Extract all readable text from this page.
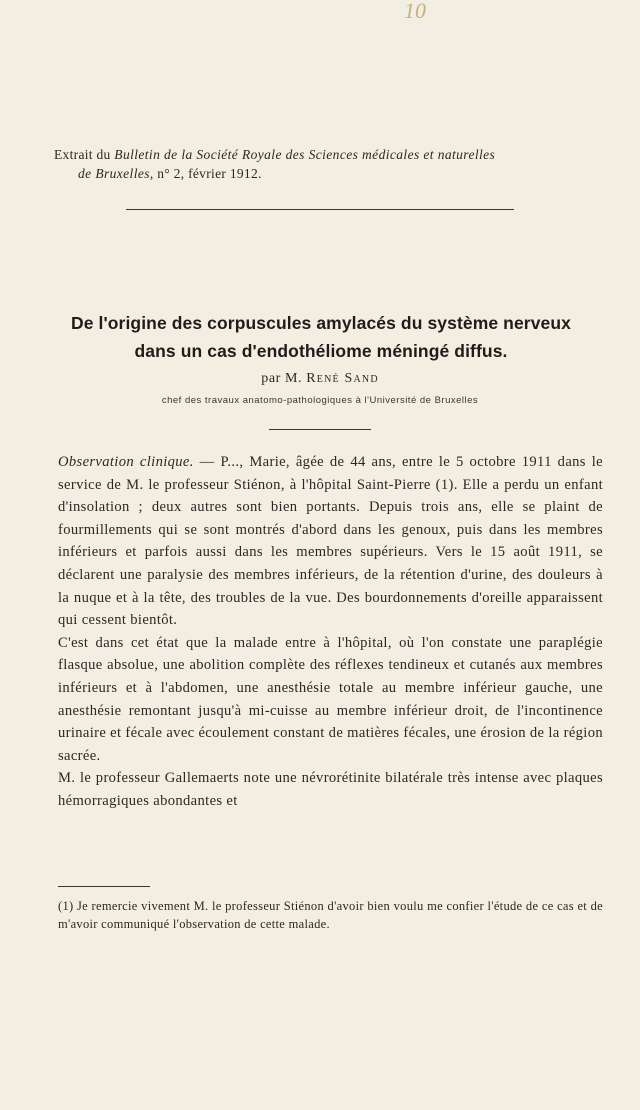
10
Extrait du Bulletin de la Société Royale des Sciences médicales et naturelles
de Bruxelles, n° 2, février 1912.
De l'origine des corpuscules amylacés du système nerveux
dans un cas d'endothéliome méningé diffus.
par M. René Sand
chef des travaux anatomo-pathologiques à l'Université de Bruxelles

Observation clinique. — P..., Marie, âgée de 44 ans, entre le 5 octobre 1911 dans le service de M. le professeur Stiénon, à l'hôpital Saint-Pierre (1). Elle a perdu un enfant d'insolation ; deux autres sont bien portants. Depuis trois ans, elle se plaint de fourmillements qui se sont montrés d'abord dans les genoux, puis dans les membres inférieurs et parfois aussi dans les membres supérieurs. Vers le 15 août 1911, se déclarent une paralysie des membres inférieurs, de la rétention d'urine, des douleurs à la nuque et à la tête, des troubles de la vue. Des bourdonnements d'oreille apparaissent qui cessent bientôt.

C'est dans cet état que la malade entre à l'hôpital, où l'on constate une paraplégie flasque absolue, une abolition complète des réflexes tendineux et cutanés aux membres inférieurs et à l'abdomen, une anesthésie totale au membre inférieur gauche, une anesthésie remontant jusqu'à mi-cuisse au membre inférieur droit, de l'incontinence urinaire et fécale avec écoulement constant de matières fécales, une érosion de la région sacrée.

M. le professeur Gallemaerts note une névrorétinite bilatérale très intense avec plaques hémorragiques abondantes et

(1) Je remercie vivement M. le professeur Stiénon d'avoir bien voulu me confier l'étude de ce cas et de m'avoir communiqué l'observation de cette malade.
